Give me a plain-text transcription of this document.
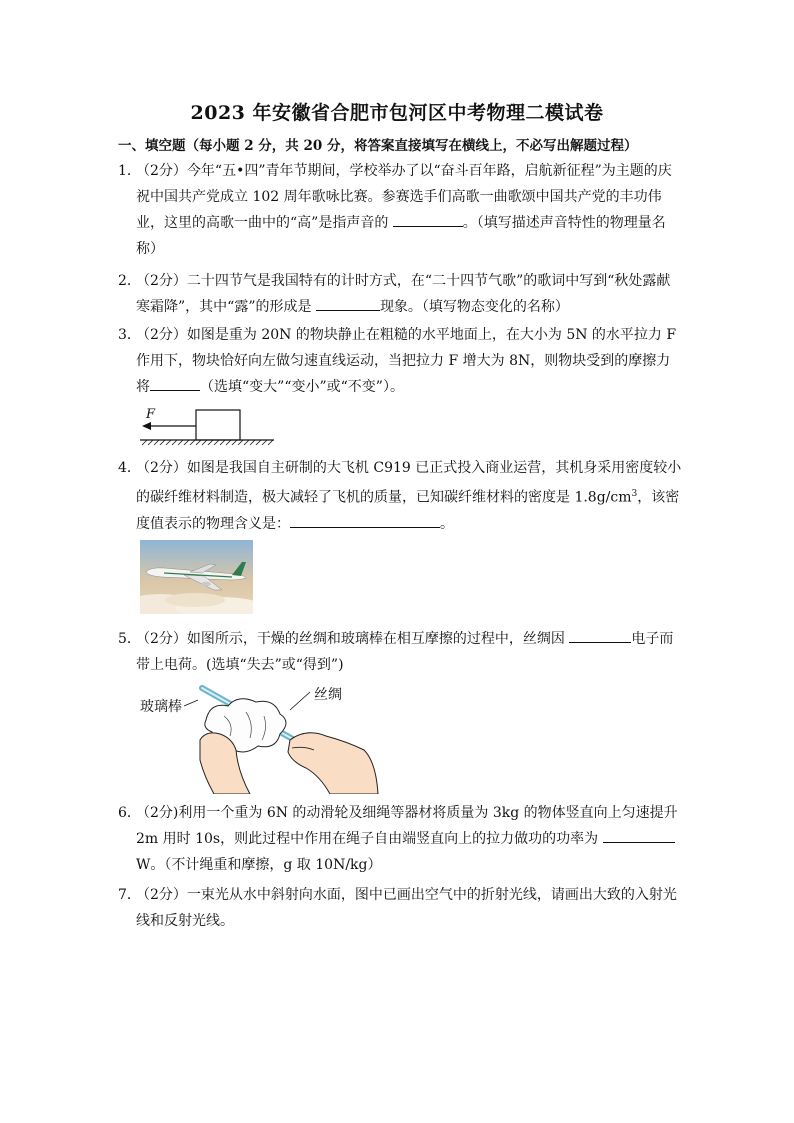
2023 年安徽省合肥市包河区中考物理二模试卷
一、填空题（每小题 2 分，共 20 分，将答案直接填写在横线上，不必写出解题过程）
1．
（2分）今年“五•四”青年节期间，学校举办了以“奋斗百年路，启航新征程”为主题的庆祝中国共产党成立 102 周年歌咏比赛。参赛选手们高歌一曲歌颂中国共产党的丰功伟业，这里的高歌一曲中的“高”是指声音的	。（填写描述声音特性的物理量名称）
2．
（2分）二十四节气是我国特有的计时方式，在“二十四节气歌”的歌词中写到“秋处露献寒霜降”，其中“露”的形成是	现象。（填写物态变化的名称）
3．
（2分）如图是重为 20N 的物块静止在粗糙的水平地面上，在大小为 5N 的水平拉力 F 作用下，物块恰好向左做匀速直线运动，当把拉力 F 增大为 8N，则物块受到的摩擦力将	（选填“变大”“变小”或“不变”）。
F
4．
（2分）如图是我国自主研制的大飞机 C919 已正式投入商业运营，其机身采用密度较小的碳纤维材料制造，极大减轻了飞机的质量，已知碳纤维材料的密度是 $1.8g/cm^3$，该密度值表示的物理含义是：	。
5．
（2分）如图所示，干燥的丝绸和玻璃棒在相互摩擦的过程中，丝绸因	电子而带上电荷。(选填“失去”或“得到”)
玻璃棒
丝绸
6．
（2分)利用一个重为 6N 的动滑轮及细绳等器材将质量为 3kg 的物体竖直向上匀速提升 2m 用时 10s，则此过程中作用在绳子自由端竖直向上的拉力做功的功率为 W。（不计绳重和摩擦，g 取 10N/kg）
7．
（2分）一束光从水中斜射向水面，图中已画出空气中的折射光线，请画出大致的入射光线和反射光线。
